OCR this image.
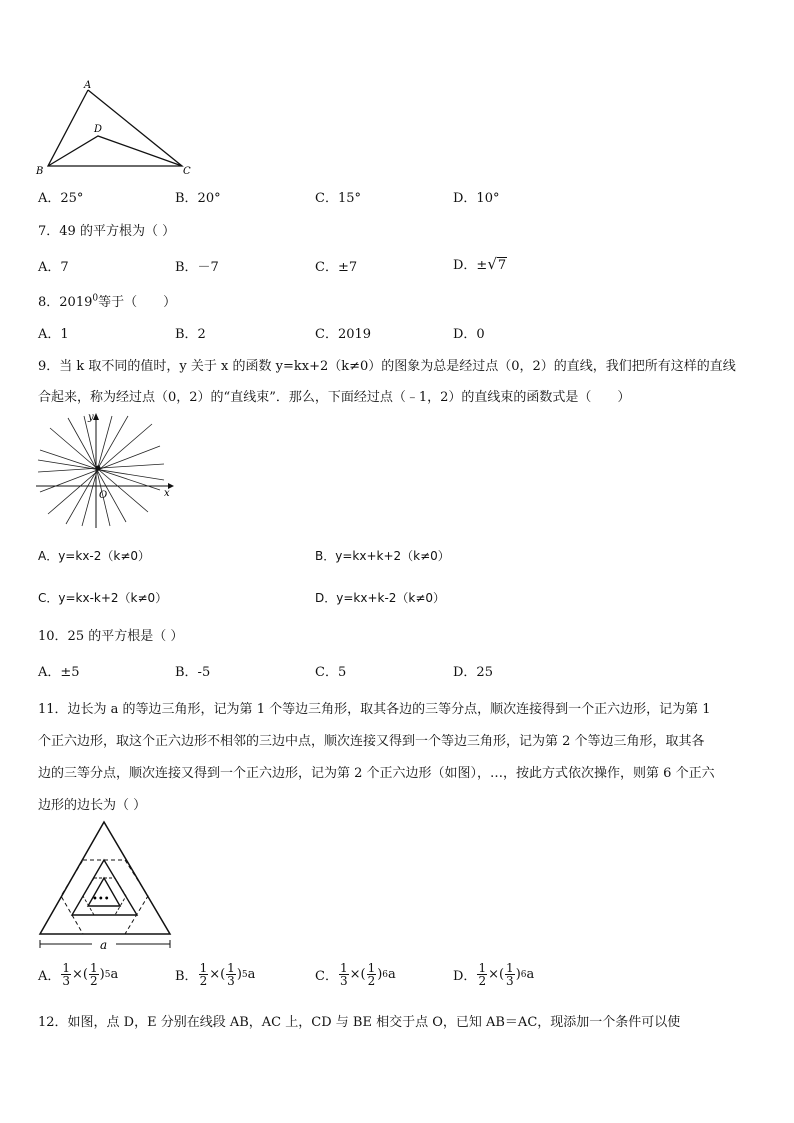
A
D
B	C
A．25°	B．20°	C．15°	D．10°
7．49 的平方根为（ ）
A．7	B．－7	C．±7	D．±√7
8．2019$^0$等于（　　）
A．1	B．2	C．2019	D．0
9．当 k 取不同的值时，y 关于 x 的函数 y=kx+2（k≠0）的图象为总是经过点（0，2）的直线，我们把所有这样的直线
合起来，称为经过点（0，2）的“直线束”．那么，下面经过点（﹣1，2）的直线束的函数式是（　　）
y
x
O
A．y=kx-2（k≠0）	B．y=kx+k+2（k≠0）
C．y=kx-k+2（k≠0）	D．y=kx+k-2（k≠0）
10．25 的平方根是（ ）
A．±5	B．-5	C．5	D．25
11．边长为 a 的等边三角形，记为第 1 个等边三角形，取其各边的三等分点，顺次连接得到一个正六边形，记为第 1
个正六边形，取这个正六边形不相邻的三边中点，顺次连接又得到一个等边三角形，记为第 2 个等边三角形，取其各
边的三等分点，顺次连接又得到一个正六边形，记为第 2 个正六边形（如图），…，按此方式依次操作，则第 6 个正六
边形的边长为（ ）
•••
a
A． $\frac{1}{3}$ ×( $\frac{1}{2}$ ) 5 a	B． $\frac{1}{2}$ ×( $\frac{1}{3}$ ) 5 a	C． $\frac{1}{3}$ ×( $\frac{1}{2}$ ) 6 a	D． $\frac{1}{2}$ ×( $\frac{1}{3}$ ) 6 a
12．如图，点 D，E 分别在线段 AB，AC 上，CD 与 BE 相交于点 O，已知 AB＝AC，现添加一个条件可以使
